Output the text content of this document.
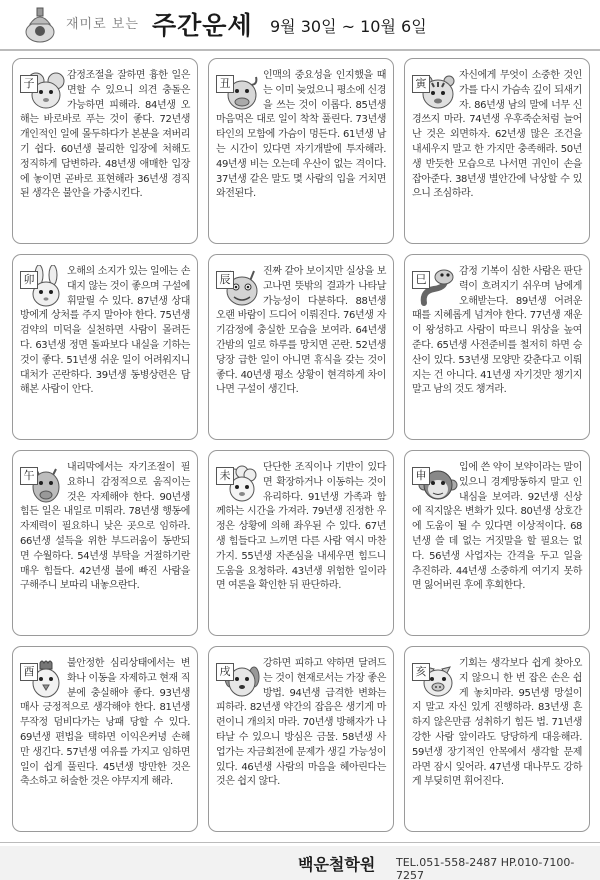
재미로 보는 주간운세 9월 30일 ~ 10월 6일
子

감정조절을 잘하면 흉한 일은 면할 수 있으니 의견 충돌은 가능하면 피해라. 84년생 오해는 바로바로 푸는 것이 좋다. 72년생 개인적인 일에 몰두하다가 본분을 져버리기 쉽다. 60년생 불리한 입장에 처해도 정직하게 답변하라. 48년생 애매한 입장에 놓이면 곧바로 표현해라 36년생 경직된 생각은 불안을 가중시킨다.

丑

인맥의 중요성을 인지했을 때는 이미 늦었으니 평소에 신경을 쓰는 것이 이롭다. 85년생 마음먹은 대로 일이 착착 풀린다. 73년생 타인의 모함에 가슴이 멍든다. 61년생 남는 시간이 있다면 자기개발에 투자해라. 49년생 비는 오는데 우산이 없는 격이다. 37년생 같은 말도 몇 사람의 입을 거치면 와전된다.

寅

자신에게 무엇이 소중한 것인가를 다시 가슴속 깊이 되새기자. 86년생 남의 말에 너무 신경쓰지 마라. 74년생 우후죽순처럼 늘어난 것은 외면하자. 62년생 많은 조건을 내세우지 말고 한 가지만 충족해라. 50년생 반듯한 모습으로 나서면 귀인이 손을 잡아준다. 38년생 별안간에 낙상할 수 있으니 조심하라.

卯

오해의 소지가 있는 일에는 손대지 않는 것이 좋으며 구설에 휘말릴 수 있다. 87년생 상대방에게 상처를 주지 말아야 한다. 75년생 검약의 미덕을 실천하면 사람이 몰려든다. 63년생 정면 돌파보다 내실을 기하는 것이 좋다. 51년생 쉬운 일이 어려워지니 대처가 곤란하다. 39년생 동병상련은 담해본 사람이 안다.

辰

진짜 같아 보이지만 실상을 보고나면 뜻밖의 결과가 나타날 가능성이 다분하다. 88년생 오랜 바람이 드디어 이뤄진다. 76년생 자기감정에 충실한 모습을 보여라. 64년생 간밤의 일로 하루를 망치면 곤란. 52년생 당장 급한 일이 아니면 휴식을 갖는 것이 좋다. 40년생 평소 상황이 현격하게 차이나면 구설이 생긴다.

巳

감정 기복이 심한 사람은 판단력이 흐려지기 쉬우며 남에게 오해받는다. 89년생 어려운 때를 지혜롭게 넘겨야 한다. 77년생 재운이 왕성하고 사람이 따르니 위상을 높여준다. 65년생 사전준비를 철저히 하면 승산이 있다. 53년생 모양만 갖춘다고 이뤄지는 건 아니다. 41년생 자기것만 챙기지 말고 남의 것도 챙겨라.

午

내리막에서는 자기조절이 필요하니 감정적으로 움직이는 것은 자제해야 한다. 90년생 힘든 일은 내일로 미뤄라. 78년생 행동에 자제력이 필요하니 낮은 곳으로 임하라. 66년생 설득을 위한 부드러움이 동반되면 수월하다. 54년생 부탁을 거절하기란 매우 힘들다. 42년생 불에 빠진 사람을 구해주니 보따리 내놓으란다.

未

단단한 조직이나 기반이 있다면 확장하거나 이동하는 것이 유리하다. 91년생 가족과 함께하는 시간을 가져라. 79년생 진정한 우정은 상황에 의해 좌우된 수 있다. 67년생 힘들다고 느끼면 다른 사람 역시 마찬가지. 55년생 자존심을 내세우면 힘드니 도움을 요청하라. 43년생 위험한 일이라면 여론을 확인한 뒤 판단하라.

申

입에 쓴 약이 보약이라는 말이 있으니 경계망동하지 말고 인내심을 보여라. 92년생 신상에 직지않은 변화가 있다. 80년생 상호간에 도움이 될 수 있다면 이상적이다. 68년생 쓸 데 없는 거짓말을 할 필요는 없다. 56년생 사업자는 간격을 두고 일을 추진하라. 44년생 소중하게 여기지 못하면 잃어버린 후에 후회한다.

酉

불안정한 심리상태에서는 변화나 이동을 자제하고 현재 직분에 충실해야 좋다. 93년생 매사 긍정적으로 생각해야 한다. 81년생 무작정 덤비다가는 낭패 당할 수 있다. 69년생 편법을 택하면 이익은커녕 손해만 생긴다. 57년생 여유를 가지고 임하면 일이 쉽게 풀린다. 45년생 방만한 것은 축소하고 허술한 것은 야무지게 해라.

戌

강하면 피하고 약하면 달려드는 것이 현재로서는 가장 좋은 방법. 94년생 급격한 변화는 피하라. 82년생 약간의 잡음은 생기게 마련이니 개의치 마라. 70년생 방해자가 나타날 수 있으니 방심은 금물. 58년생 사업가는 자금회전에 문제가 생길 가능성이 있다. 46년생 사람의 마음을 헤아린다는 것은 쉽지 않다.

亥

기회는 생각보다 쉽게 찾아오지 않으니 한 번 잡은 손은 쉽게 놓치마라. 95년생 망설이지 말고 자신 있게 진행하라. 83년생 흔하지 않은만큼 성취하기 힘든 법. 71년생 강한 사람 앞이라도 당당하게 대응해라. 59년생 장기적인 안목에서 생각할 문제라면 잠시 잊어라. 47년생 대나무도 강하게 부딪히면 휘어진다.

백운철학원 TEL.051-558-2487 HP.010-7100-7257
